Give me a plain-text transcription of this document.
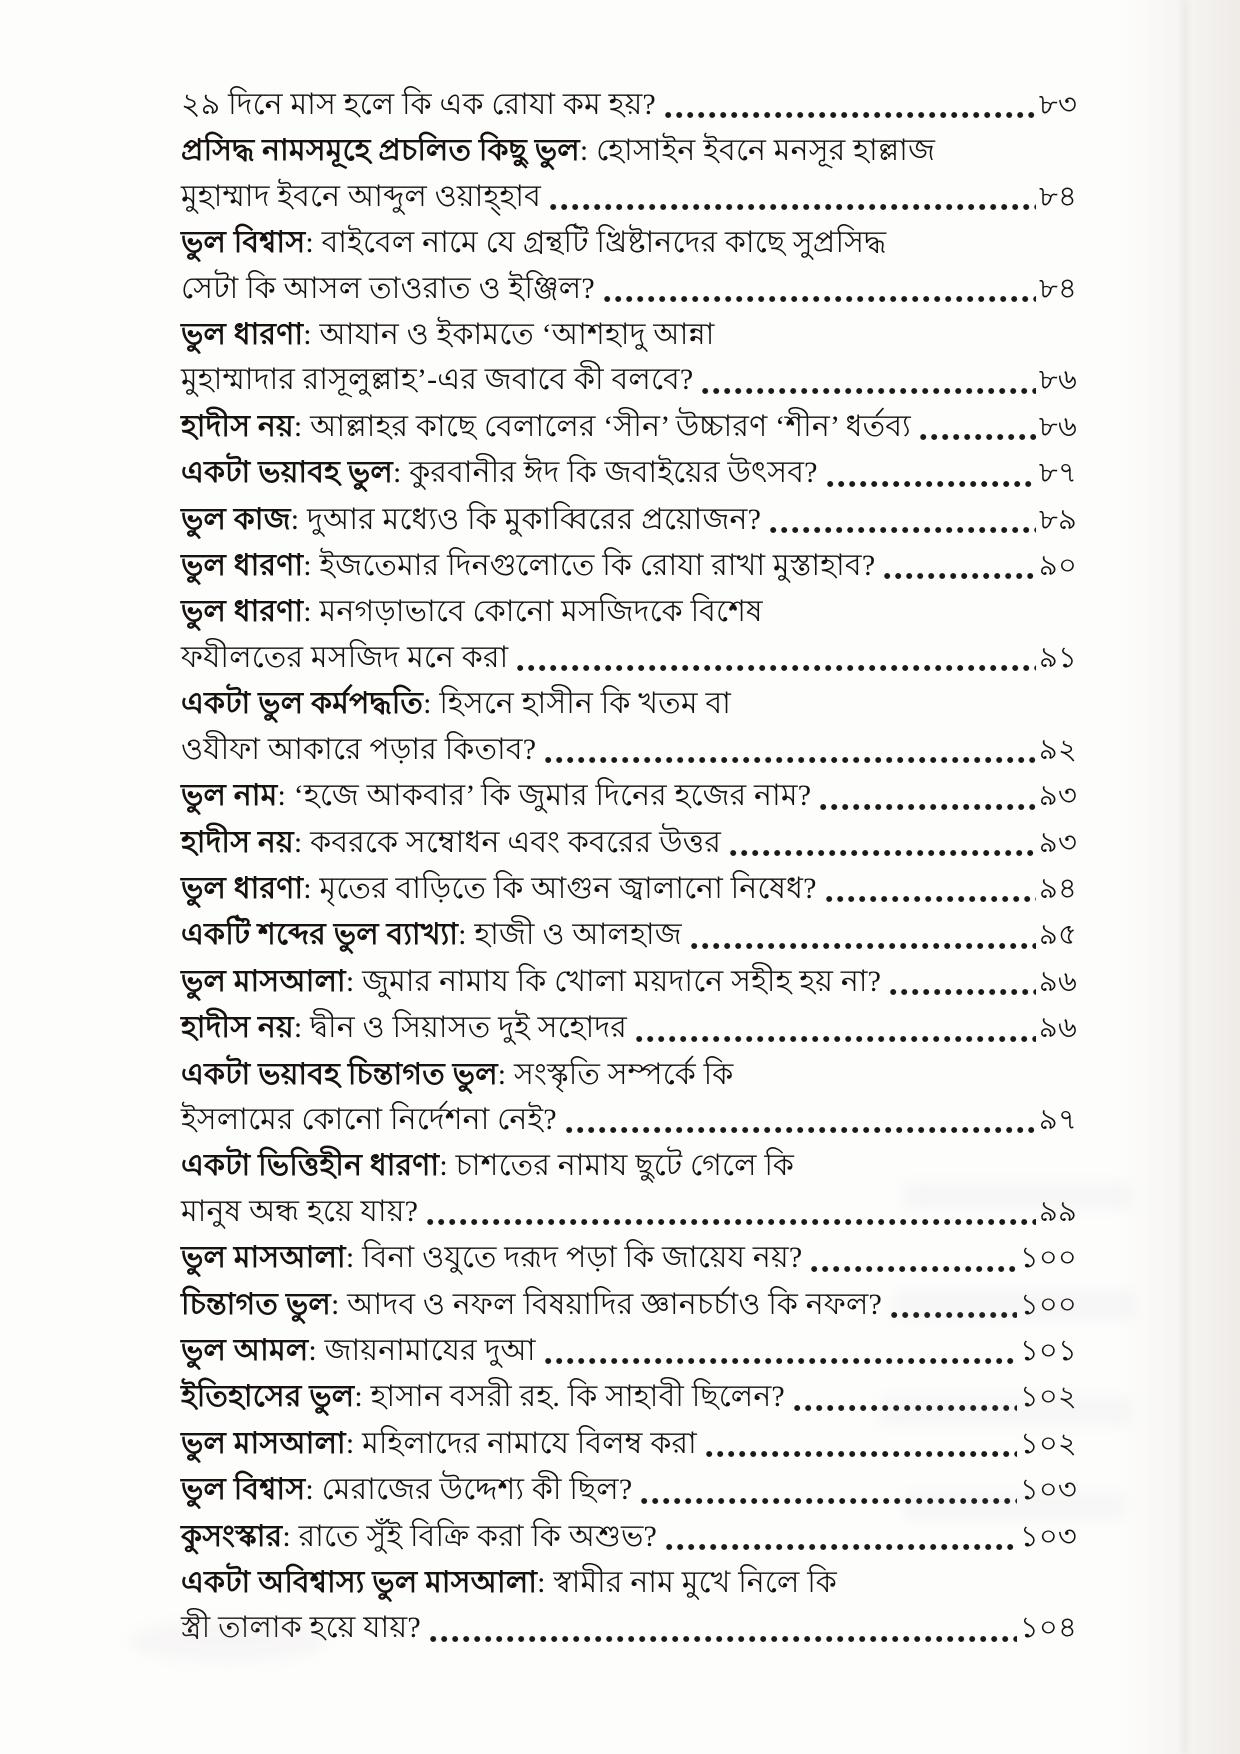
২৯ দিনে মাস হলে কি এক রোযা কম হয়?	৮৩
প্রসিদ্ধ নামসমূহে প্রচলিত কিছু ভুল : হোসাইন ইবনে মনসূর হাল্লাজ
মুহাম্মাদ ইবনে আব্দুল ওয়াহ্হাব	৮৪
ভুল বিশ্বাস : বাইবেল নামে যে গ্রন্থটি খ্রিষ্টানদের কাছে সুপ্রসিদ্ধ
সেটা কি আসল তাওরাত ও ইঞ্জিল?	৮৪
ভুল ধারণা : আযান ও ইকামতে ‘আশহাদু আন্না
মুহাম্মাদার রাসূলুল্লাহ’-এর জবাবে কী বলবে?	৮৬
হাদীস নয় : আল্লাহর কাছে বেলালের ‘সীন’ উচ্চারণ ‘শীন’ ধর্তব্য	৮৬
একটা ভয়াবহ ভুল : কুরবানীর ঈদ কি জবাইয়ের উৎসব?	৮৭
ভুল কাজ : দুআর মধ্যেও কি মুকাব্বিরের প্রয়োজন?	৮৯
ভুল ধারণা : ইজতেমার দিনগুলোতে কি রোযা রাখা মুস্তাহাব?	৯০
ভুল ধারণা : মনগড়াভাবে কোনো মসজিদকে বিশেষ
ফযীলতের মসজিদ মনে করা	৯১
একটা ভুল কর্মপদ্ধতি : হিসনে হাসীন কি খতম বা
ওযীফা আকারে পড়ার কিতাব?	৯২
ভুল নাম : ‘হজে আকবার’ কি জুমার দিনের হজের নাম?	৯৩
হাদীস নয় : কবরকে সম্বোধন এবং কবরের উত্তর	৯৩
ভুল ধারণা : মৃতের বাড়িতে কি আগুন জ্বালানো নিষেধ?	৯৪
একটি শব্দের ভুল ব্যাখ্যা : হাজী ও আলহাজ	৯৫
ভুল মাসআলা : জুমার নামায কি খোলা ময়দানে সহীহ হয় না?	৯৬
হাদীস নয় : দ্বীন ও সিয়াসত দুই সহোদর	৯৬
একটা ভয়াবহ চিন্তাগত ভুল : সংস্কৃতি সম্পর্কে কি
ইসলামের কোনো নির্দেশনা নেই?	৯৭
একটা ভিত্তিহীন ধারণা : চাশতের নামায ছুটে গেলে কি
মানুষ অন্ধ হয়ে যায়?	৯৯
ভুল মাসআলা : বিনা ওযুতে দরূদ পড়া কি জায়েয নয়?	১০০
চিন্তাগত ভুল : আদব ও নফল বিষয়াদির জ্ঞানচর্চাও কি নফল?	১০০
ভুল আমল : জায়নামাযের দুআ	১০১
ইতিহাসের ভুল : হাসান বসরী রহ. কি সাহাবী ছিলেন?	১০২
ভুল মাসআলা : মহিলাদের নামাযে বিলম্ব করা	১০২
ভুল বিশ্বাস : মেরাজের উদ্দেশ্য কী ছিল?	১০৩
কুসংস্কার : রাতে সুঁই বিক্রি করা কি অশুভ?	১০৩
একটা অবিশ্বাস্য ভুল মাসআলা : স্বামীর নাম মুখে নিলে কি
স্ত্রী তালাক হয়ে যায়?	১০৪
